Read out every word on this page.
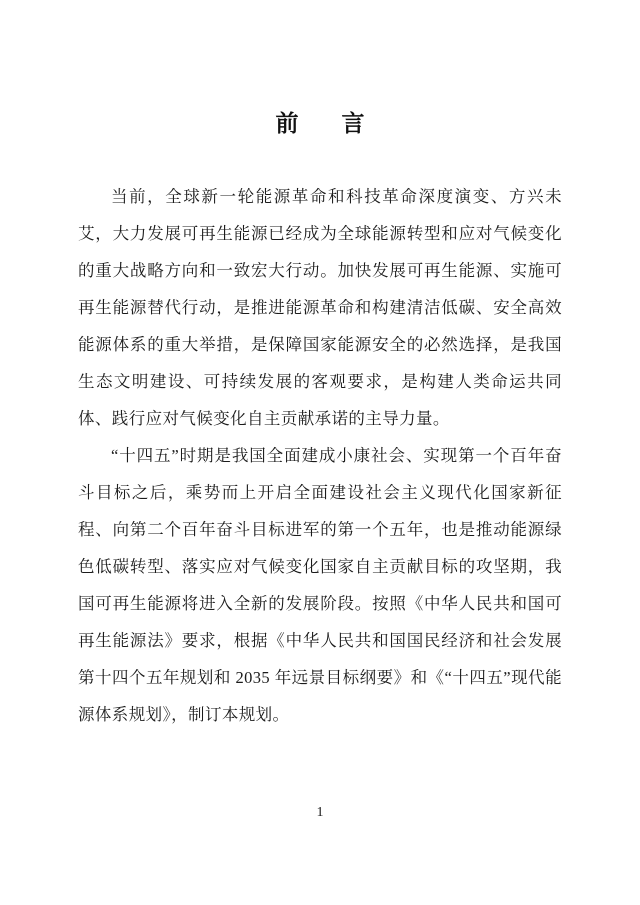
前　言

当前，全球新一轮能源革命和科技革命深度演变、方兴未艾，大力发展可再生能源已经成为全球能源转型和应对气候变化的重大战略方向和一致宏大行动。加快发展可再生能源、实施可再生能源替代行动，是推进能源革命和构建清洁低碳、安全高效能源体系的重大举措，是保障国家能源安全的必然选择，是我国生态文明建设、可持续发展的客观要求，是构建人类命运共同体、践行应对气候变化自主贡献承诺的主导力量。

“十四五”时期是我国全面建成小康社会、实现第一个百年奋斗目标之后，乘势而上开启全面建设社会主义现代化国家新征程、向第二个百年奋斗目标进军的第一个五年，也是推动能源绿色低碳转型、落实应对气候变化国家自主贡献目标的攻坚期，我国可再生能源将进入全新的发展阶段。按照《中华人民共和国可再生能源法》要求，根据《中华人民共和国国民经济和社会发展第十四个五年规划和 2035 年远景目标纲要》和《“十四五”现代能源体系规划》，制订本规划。

1
